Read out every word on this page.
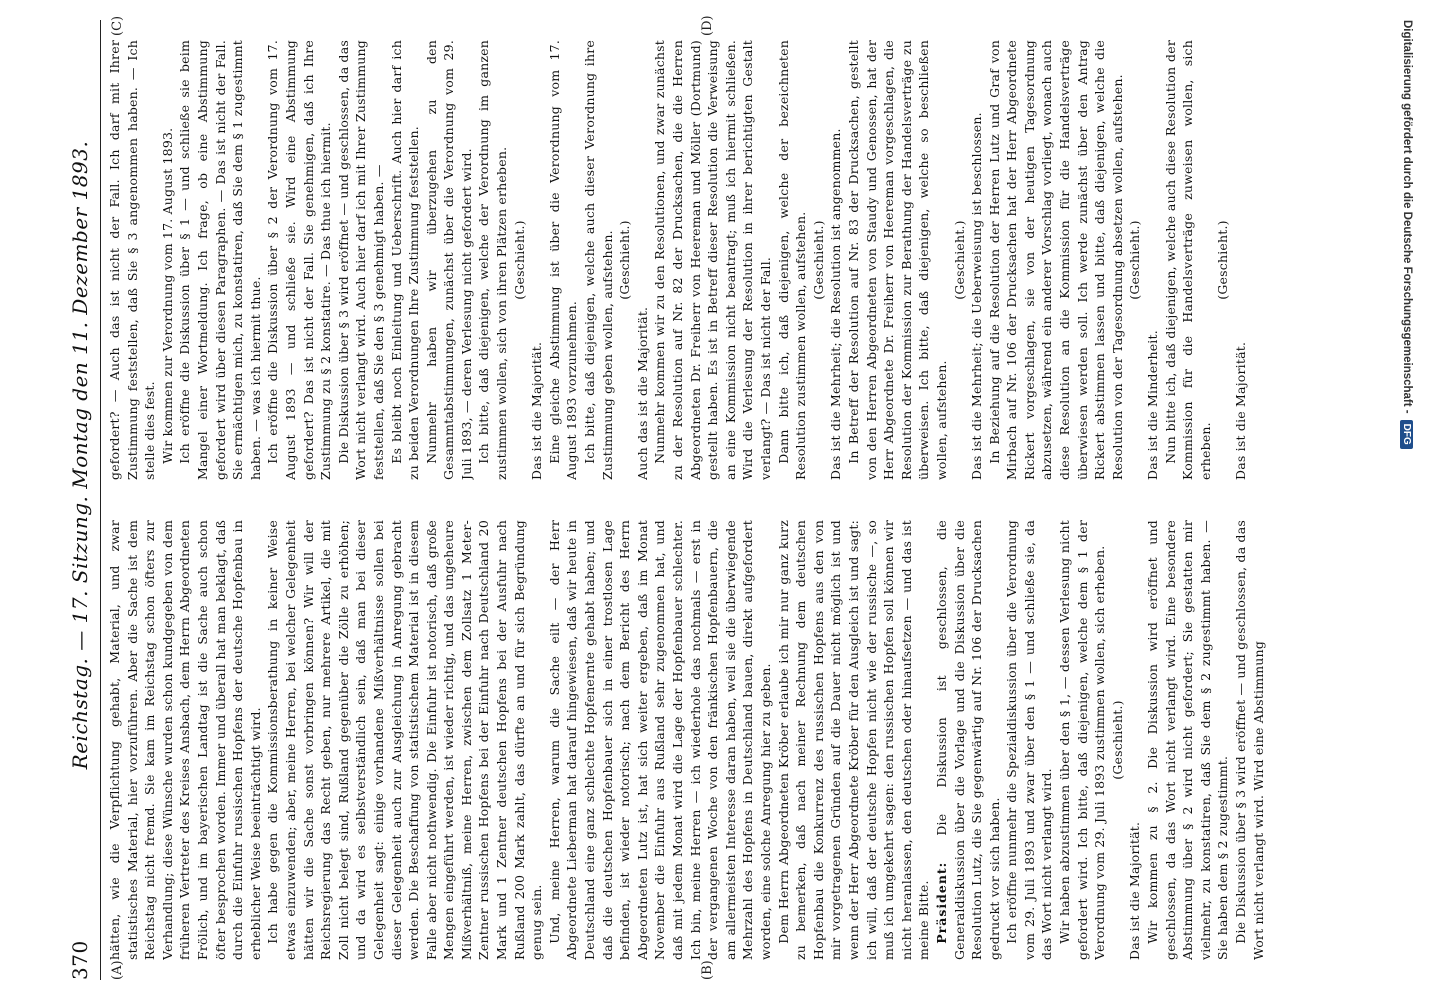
370
Reichstag. — 17. Sitzung. Montag den 11. Dezember 1893.
(A)	(B)
(C)	(D)

hätten, wie die Verpflichtung gehabt, Material, und zwar statistisches Material, hier vorzuführen. Aber die Sache ist dem Reichstag nicht fremd. Sie kam im Reichstag schon öfters zur Verhandlung; diese Wünsche wurden schon kundgegeben von dem früheren Vertreter des Kreises Ansbach, dem Herrn Abgeordneten Frölich, und im bayerischen Landtag ist die Sache auch schon öfter besprochen worden. Immer und überall hat man beklagt, daß durch die Einfuhr russischen Hopfens der deutsche Hopfenbau in erheblicher Weise beeinträchtigt wird. Ich habe gegen die Kommissionsberathung in keiner Weise etwas einzuwenden; aber, meine Herren, bei welcher Gelegenheit hätten wir die Sache sonst vorbringen können? Wir will der Reichsregierung das Recht geben, nur mehrere Artikel, die mit Zoll nicht belegt sind, Rußland gegenüber die Zölle zu erhöhen; und da wird es selbstverständlich sein, daß man bei dieser Gelegenheit sagt: einige vorhandene Mißverhältnisse sollen bei dieser Gelegenheit auch zur Ausgleichung in Anregung gebracht werden. Die Beschaffung von statistischem Material ist in diesem Falle aber nicht nothwendig. Die Einfuhr ist notorisch, daß große Mengen eingeführt werden, ist wieder richtig, und das ungeheure Mißverhältniß, meine Herren, zwischen dem Zollsatz 1 Meter-Zentner russischen Hopfens bei der Einfuhr nach Deutschland 20 Mark und 1 Zentner deutschen Hopfens bei der Ausfuhr nach Rußland 200 Mark zahlt, das dürfte an und für sich Begründung genug sein. Und, meine Herren, warum die Sache eilt — der Herr Abgeordnete Lieberman hat darauf hingewiesen, daß wir heute in Deutschland eine ganz schlechte Hopfenernte gehabt haben; und daß die deutschen Hopfenbauer sich in einer trostlosen Lage befinden, ist wieder notorisch; nach dem Bericht des Herrn Abgeordneten Lutz ist, hat sich weiter ergeben, daß im Monat November die Einfuhr aus Rußland sehr zugenommen hat, und daß mit jedem Monat wird die Lage der Hopfenbauer schlechter. Ich bin, meine Herren — ich wiederhole das nochmals — erst in der vergangenen Woche von den fränkischen Hopfenbauern, die am allermeisten Interesse daran haben, weil sie die überwiegende Mehrzahl des Hopfens in Deutschland bauen, direkt aufgefordert worden, eine solche Anregung hier zu geben. Dem Herrn Abgeordneten Kröber erlaube ich mir nur ganz kurz zu bemerken, daß nach meiner Rechnung dem deutschen Hopfenbau die Konkurrenz des russischen Hopfens aus den von mir vorgetragenen Gründen auf die Dauer nicht möglich ist und wenn der Herr Abgeordnete Kröber für den Ausgleich ist und sagt: ich will, daß der deutsche Hopfen nicht wie der russische —, so muß ich umgekehrt sagen: den russischen Hopfen soll können wir nicht heranlassen, den deutschen oder hinaufsetzen — und das ist meine Bitte. Präsident: Die Diskussion ist geschlossen, die Generaldiskussion über die Vorlage und die Diskussion über die Resolution Lutz, die Sie gegenwärtig auf Nr. 106 der Drucksachen gedruckt vor sich haben. Ich eröffne nunmehr die Spezialdiskussion über die Verordnung vom 29. Juli 1893 und zwar über den § 1 — und schließe sie, da das Wort nicht verlangt wird. Wir haben abzustimmen über den § 1, — dessen Verlesung nicht gefordert wird. Ich bitte, daß diejenigen, welche dem § 1 der Verordnung vom 29. Juli 1893 zustimmen wollen, sich erheben. (Geschieht.)

Das ist die Majorität. Wir kommen zu § 2. Die Diskussion wird eröffnet und geschlossen, da das Wort nicht verlangt wird. Eine besondere Abstimmung über § 2 wird nicht gefordert; Sie gestatten mir vielmehr, zu konstatiren, daß Sie dem § 2 zugestimmt haben. — Sie haben dem § 2 zugestimmt. Die Diskussion über § 3 wird eröffnet — und geschlossen, da das Wort nicht verlangt wird. Wird eine Abstimmung

gefordert? — Auch das ist nicht der Fall. Ich darf mit Ihrer Zustimmung feststellen, daß Sie § 3 angenommen haben. — Ich stelle dies fest. Wir kommen zur Verordnung vom 17. August 1893. Ich eröffne die Diskussion über § 1 — und schließe sie beim Mangel einer Wortmeldung. Ich frage, ob eine Abstimmung gefordert wird über diesen Paragraphen. — Das ist nicht der Fall. Sie ermächtigen mich, zu konstatiren, daß Sie dem § 1 zugestimmt haben. — was ich hiermit thue. Ich eröffne die Diskussion über § 2 der Verordnung vom 17. August 1893 — und schließe sie. Wird eine Abstimmung gefordert? Das ist nicht der Fall. Sie genehmigen, daß ich Ihre Zustimmung zu § 2 konstatire. — Das thue ich hiermit. Die Diskussion über § 3 wird eröffnet — und geschlossen, da das Wort nicht verlangt wird. Auch hier darf ich mit Ihrer Zustimmung feststellen, daß Sie den § 3 genehmigt haben. — Es bleibt noch Einleitung und Ueberschrift. Auch hier darf ich zu beiden Verordnungen Ihre Zustimmung feststellen. Nunmehr haben wir überzugehen zu den Gesammtabstimmungen, zunächst über die Verordnung vom 29. Juli 1893, — deren Verlesung nicht gefordert wird. Ich bitte, daß diejenigen, welche der Verordnung im ganzen zustimmen wollen, sich von ihren Plätzen erheben. (Geschieht.)

Das ist die Majorität. Eine gleiche Abstimmung ist über die Verordnung vom 17. August 1893 vorzunehmen. Ich bitte, daß diejenigen, welche auch dieser Verordnung ihre Zustimmung geben wollen, aufstehen. (Geschieht.)

Auch das ist die Majorität. Nunmehr kommen wir zu den Resolutionen, und zwar zunächst zu der Resolution auf Nr. 82 der Drucksachen, die die Herren Abgeordneten Dr. Freiherr von Heereman und Möller (Dortmund) gestellt haben. Es ist in Betreff dieser Resolution die Verweisung an eine Kommission nicht beantragt; muß ich hiermit schließen. Wird die Verlesung der Resolution in ihrer berichtigten Gestalt verlangt? — Das ist nicht der Fall. Dann bitte ich, daß diejenigen, welche der bezeichneten Resolution zustimmen wollen, aufstehen. (Geschieht.) Das ist die Mehrheit; die Resolution ist angenommen. In Betreff der Resolution auf Nr. 83 der Drucksachen, gestellt von den Herren Abgeordneten von Staudy und Genossen, hat der Herr Abgeordnete Dr. Freiherr von Heereman vorgeschlagen, die Resolution der Kommission zur Berathung der Handelsverträge zu überweisen. Ich bitte, daß diejenigen, welche so beschließen wollen, aufstehen.

(Geschieht.) Das ist die Mehrheit; die Ueberweisung ist beschlossen. In Beziehung auf die Resolution der Herren Lutz und Graf von Mirbach auf Nr. 106 der Drucksachen hat der Herr Abgeordnete Rickert vorgeschlagen, sie von der heutigen Tagesordnung abzusetzen, während ein anderer Vorschlag vorliegt, wonach auch diese Resolution an die Kommission für die Handelsverträge überwiesen werden soll. Ich werde zunächst über den Antrag Rickert abstimmen lassen und bitte, daß diejenigen, welche die Resolution von der Tagesordnung absetzen wollen, aufstehen. (Geschieht.)

Das ist die Minderheit. Nun bitte ich, daß diejenigen, welche auch diese Resolution der Kommission für die Handelsverträge zuweisen wollen, sich erheben.

(Geschieht.)

Das ist die Majorität.	Digitalisierung gefördert durch die Deutsche Forschungsgemeinschaft -
DFG
